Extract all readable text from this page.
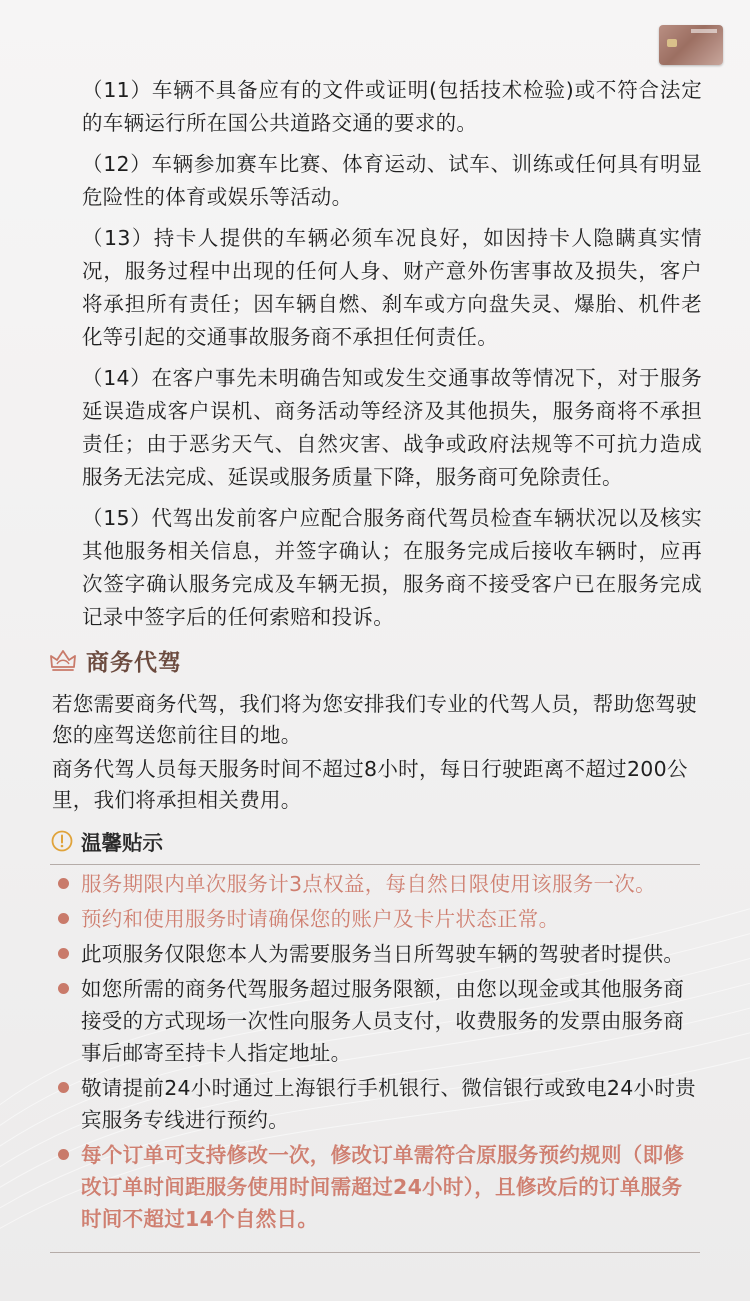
（11）车辆不具备应有的文件或证明(包括技术检验)或不符合法定的车辆运行所在国公共道路交通的要求的。

（12）车辆参加赛车比赛、体育运动、试车、训练或任何具有明显危险性的体育或娱乐等活动。

（13）持卡人提供的车辆必须车况良好，如因持卡人隐瞒真实情况，服务过程中出现的任何人身、财产意外伤害事故及损失，客户将承担所有责任；因车辆自燃、刹车或方向盘失灵、爆胎、机件老化等引起的交通事故服务商不承担任何责任。

（14）在客户事先未明确告知或发生交通事故等情况下，对于服务延误造成客户误机、商务活动等经济及其他损失，服务商将不承担责任；由于恶劣天气、自然灾害、战争或政府法规等不可抗力造成服务无法完成、延误或服务质量下降，服务商可免除责任。

（15）代驾出发前客户应配合服务商代驾员检查车辆状况以及核实其他服务相关信息，并签字确认；在服务完成后接收车辆时，应再次签字确认服务完成及车辆无损，服务商不接受客户已在服务完成记录中签字后的任何索赔和投诉。

商务代驾

若您需要商务代驾，我们将为您安排我们专业的代驾人员，帮助您驾驶您的座驾送您前往目的地。

商务代驾人员每天服务时间不超过8小时，每日行驶距离不超过200公里，我们将承担相关费用。

温馨贴示
服务期限内单次服务计3点权益，每自然日限使用该服务一次。
预约和使用服务时请确保您的账户及卡片状态正常。
此项服务仅限您本人为需要服务当日所驾驶车辆的驾驶者时提供。
如您所需的商务代驾服务超过服务限额，由您以现金或其他服务商接受的方式现场一次性向服务人员支付，收费服务的发票由服务商事后邮寄至持卡人指定地址。
敬请提前24小时通过上海银行手机银行、微信银行或致电24小时贵宾服务专线进行预约。
每个订单可支持修改一次，修改订单需符合原服务预约规则（即修改订单时间距服务使用时间需超过24小时），且修改后的订单服务时间不超过14个自然日。
